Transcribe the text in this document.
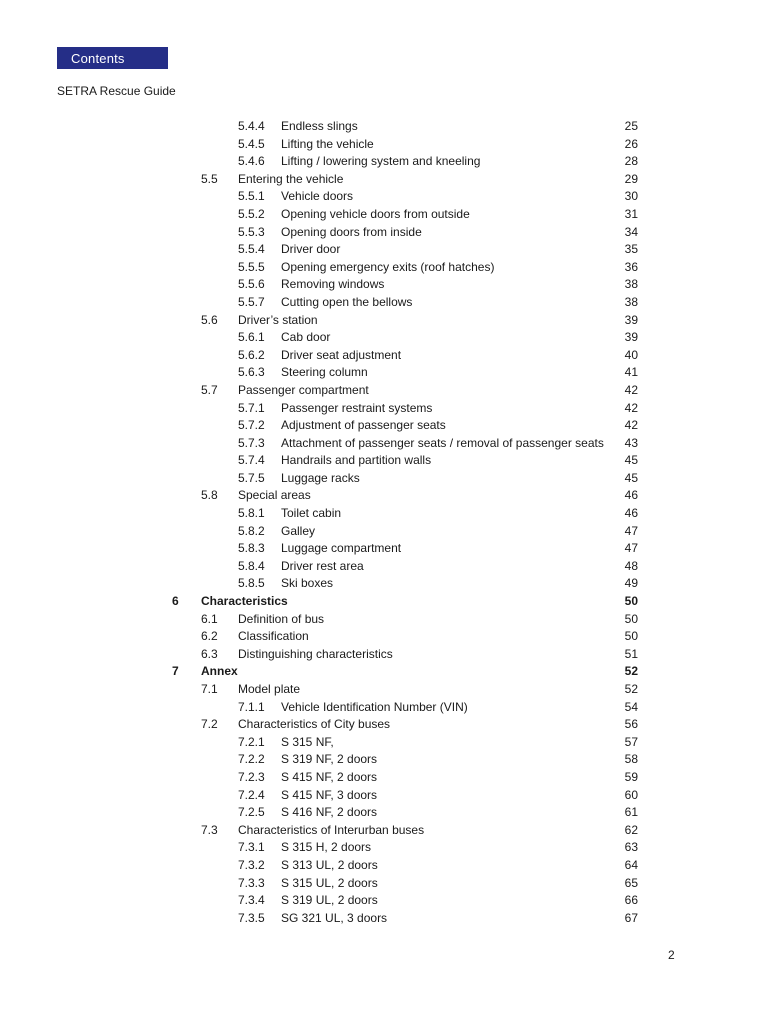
Contents
SETRA Rescue Guide
5.4.4	Endless slings	25
5.4.5	Lifting the vehicle	26
5.4.6	Lifting / lowering system and kneeling	28
5.5	Entering the vehicle	29
5.5.1	Vehicle doors	30
5.5.2	Opening vehicle doors from outside	31
5.5.3	Opening doors from inside	34
5.5.4	Driver door	35
5.5.5	Opening emergency exits (roof hatches)	36
5.5.6	Removing windows	38
5.5.7	Cutting open the bellows	38
5.6	Driver’s station	39
5.6.1	Cab door	39
5.6.2	Driver seat adjustment	40
5.6.3	Steering column	41
5.7	Passenger compartment	42
5.7.1	Passenger restraint systems	42
5.7.2	Adjustment of passenger seats	42
5.7.3	Attachment of passenger seats / removal of passenger seats	43
5.7.4	Handrails and partition walls	45
5.7.5	Luggage racks	45
5.8	Special areas	46
5.8.1	Toilet cabin	46
5.8.2	Galley	47
5.8.3	Luggage compartment	47
5.8.4	Driver rest area	48
5.8.5	Ski boxes	49
6	Characteristics	50
6.1	Definition of bus	50
6.2	Classification	50
6.3	Distinguishing characteristics	51
7	Annex	52
7.1	Model plate	52
7.1.1	Vehicle Identification Number (VIN)	54
7.2	Characteristics of City buses	56
7.2.1	S 315 NF,	57
7.2.2	S 319 NF, 2 doors	58
7.2.3	S 415 NF, 2 doors	59
7.2.4	S 415 NF, 3 doors	60
7.2.5	S 416 NF, 2 doors	61
7.3	Characteristics of Interurban buses	62
7.3.1	S 315 H, 2 doors	63
7.3.2	S 313 UL, 2 doors	64
7.3.3	S 315 UL, 2 doors	65
7.3.4	S 319 UL, 2 doors	66
7.3.5	SG 321 UL, 3 doors	67
2
